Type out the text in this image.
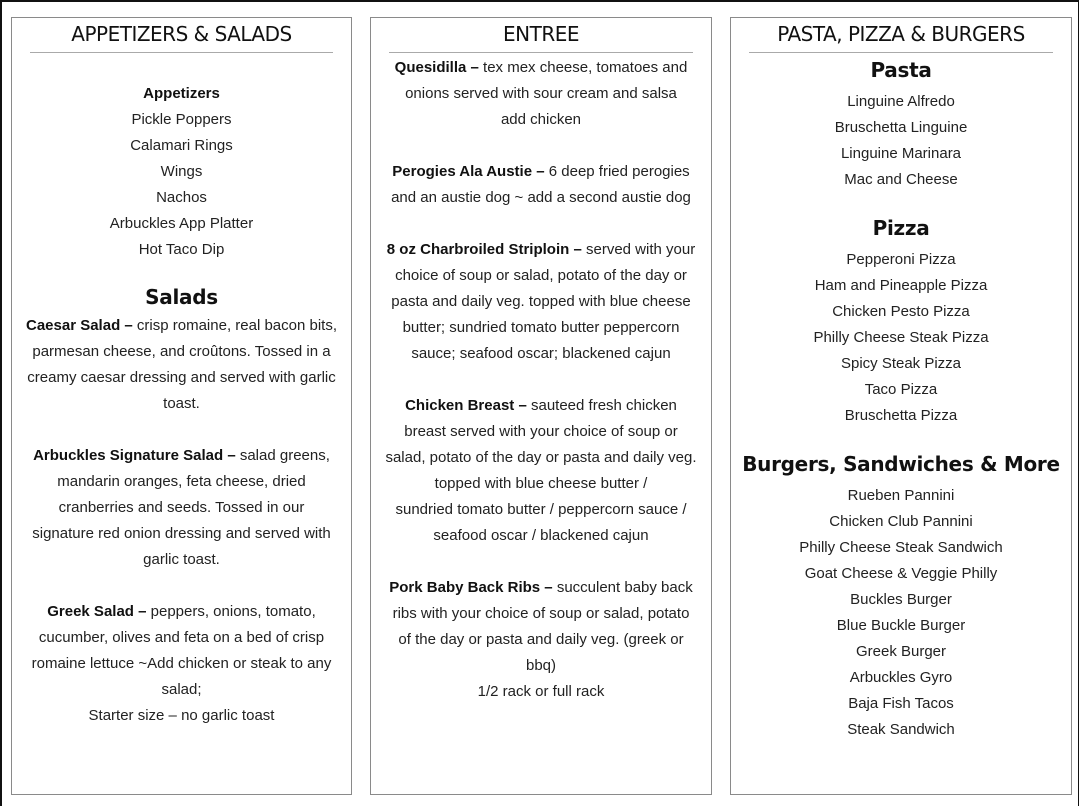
APPETIZERS & SALADS

Appetizers

Pickle Poppers

Calamari Rings

Wings

Nachos

Arbuckles App Platter

Hot Taco Dip

Salads

Caesar Salad – crisp romaine, real bacon bits, parmesan cheese, and croûtons. Tossed in a creamy caesar dressing and served with garlic toast.

Arbuckles Signature Salad – salad greens, mandarin oranges, feta cheese, dried cranberries and seeds. Tossed in our signature red onion dressing and served with garlic toast.

Greek Salad – peppers, onions, tomato, cucumber, olives and feta on a bed of crisp romaine lettuce ~Add chicken or steak to any salad;

Starter size – no garlic toast

ENTREE

Quesidilla – tex mex cheese, tomatoes and onions served with sour cream and salsa

add chicken

Perogies Ala Austie – 6 deep fried perogies and an austie dog ~ add a second austie dog

8 oz Charbroiled Striploin – served with your choice of soup or salad, potato of the day or pasta and daily veg. topped with blue cheese butter; sundried tomato butter peppercorn sauce; seafood oscar; blackened cajun

Chicken Breast – sauteed fresh chicken breast served with your choice of soup or salad, potato of the day or pasta and daily veg. topped with blue cheese butter /

sundried tomato butter / peppercorn sauce / seafood oscar / blackened cajun

Pork Baby Back Ribs – succulent baby back ribs with your choice of soup or salad, potato of the day or pasta and daily veg. (greek or bbq)

1/2 rack or full rack

PASTA, PIZZA & BURGERS
Pasta

Linguine Alfredo

Bruschetta Linguine

Linguine Marinara

Mac and Cheese

Pizza

Pepperoni Pizza

Ham and Pineapple Pizza

Chicken Pesto Pizza

Philly Cheese Steak Pizza

Spicy Steak Pizza

Taco Pizza

Bruschetta Pizza

Burgers, Sandwiches & More

Rueben Pannini

Chicken Club Pannini

Philly Cheese Steak Sandwich

Goat Cheese & Veggie Philly

Buckles Burger

Blue Buckle Burger

Greek Burger

Arbuckles Gyro

Baja Fish Tacos

Steak Sandwich
